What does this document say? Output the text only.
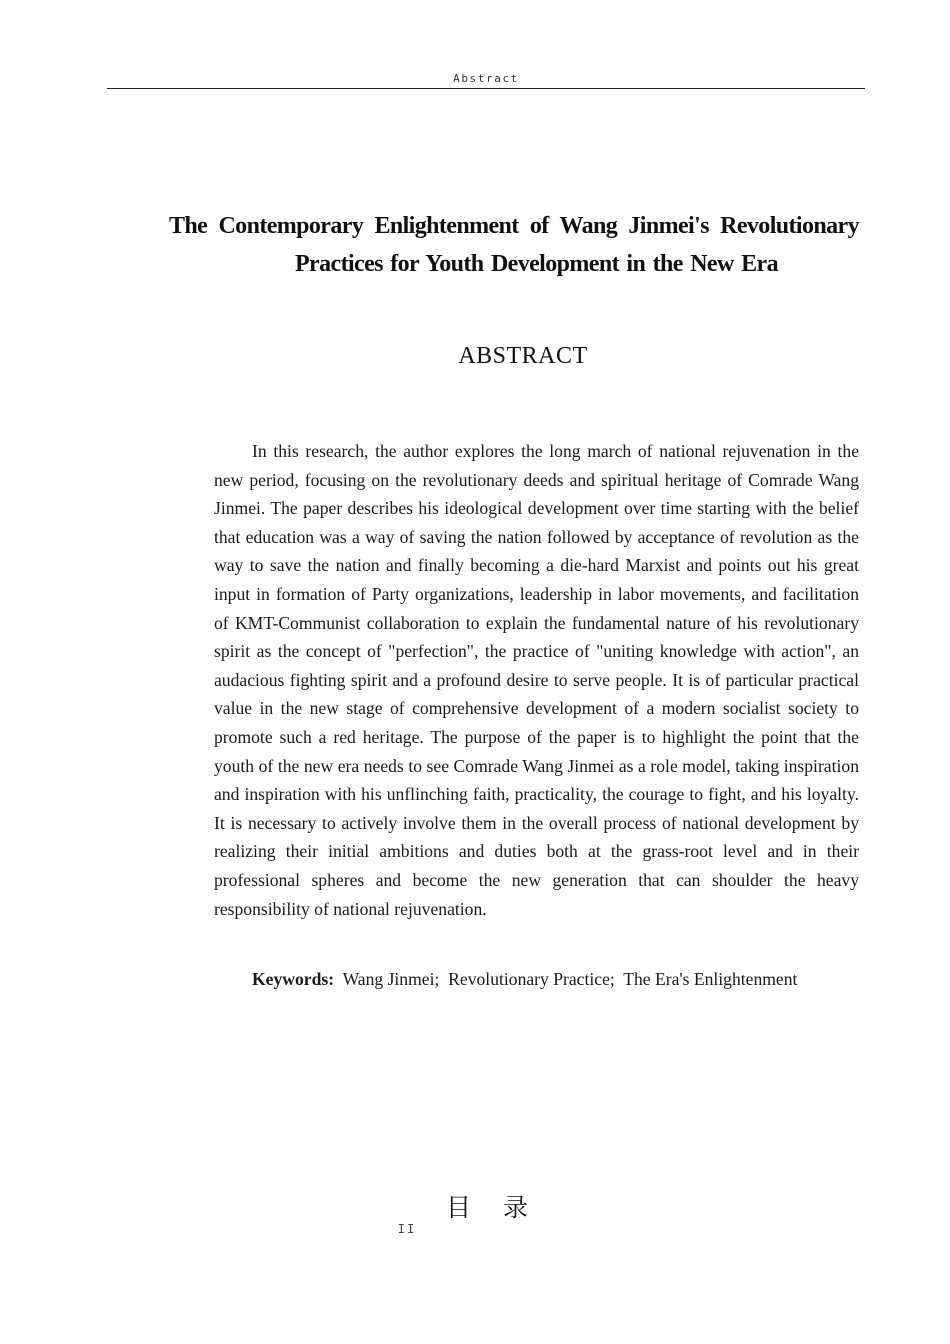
Abstract
The Contemporary Enlightenment of Wang Jinmei's Revolutionary
Practices for Youth Development in the New Era
ABSTRACT

In this research, the author explores the long march of national rejuvenation in the new period, focusing on the revolutionary deeds and spiritual heritage of Comrade Wang Jinmei. The paper describes his ideological development over time starting with the belief that education was a way of saving the nation followed by acceptance of revolution as the way to save the nation and finally becoming a die-hard Marxist and points out his great input in formation of Party organizations, leadership in labor movements, and facilitation of KMT-Communist collaboration to explain the fundamental nature of his revolutionary spirit as the concept of "perfection", the practice of "uniting knowledge with action", an audacious fighting spirit and a profound desire to serve people. It is of particular practical value in the new stage of comprehensive development of a modern socialist society to promote such a red heritage. The purpose of the paper is to highlight the point that the youth of the new era needs to see Comrade Wang Jinmei as a role model, taking inspiration and inspiration with his unflinching faith, practicality, the courage to fight, and his loyalty. It is necessary to actively involve them in the overall process of national development by realizing their initial ambitions and duties both at the grass-root level and in their professional spheres and become the new generation that can shoulder the heavy responsibility of national rejuvenation.

Keywords:  Wang Jinmei;  Revolutionary Practice;  The Era's Enlightenment

目 录
II
